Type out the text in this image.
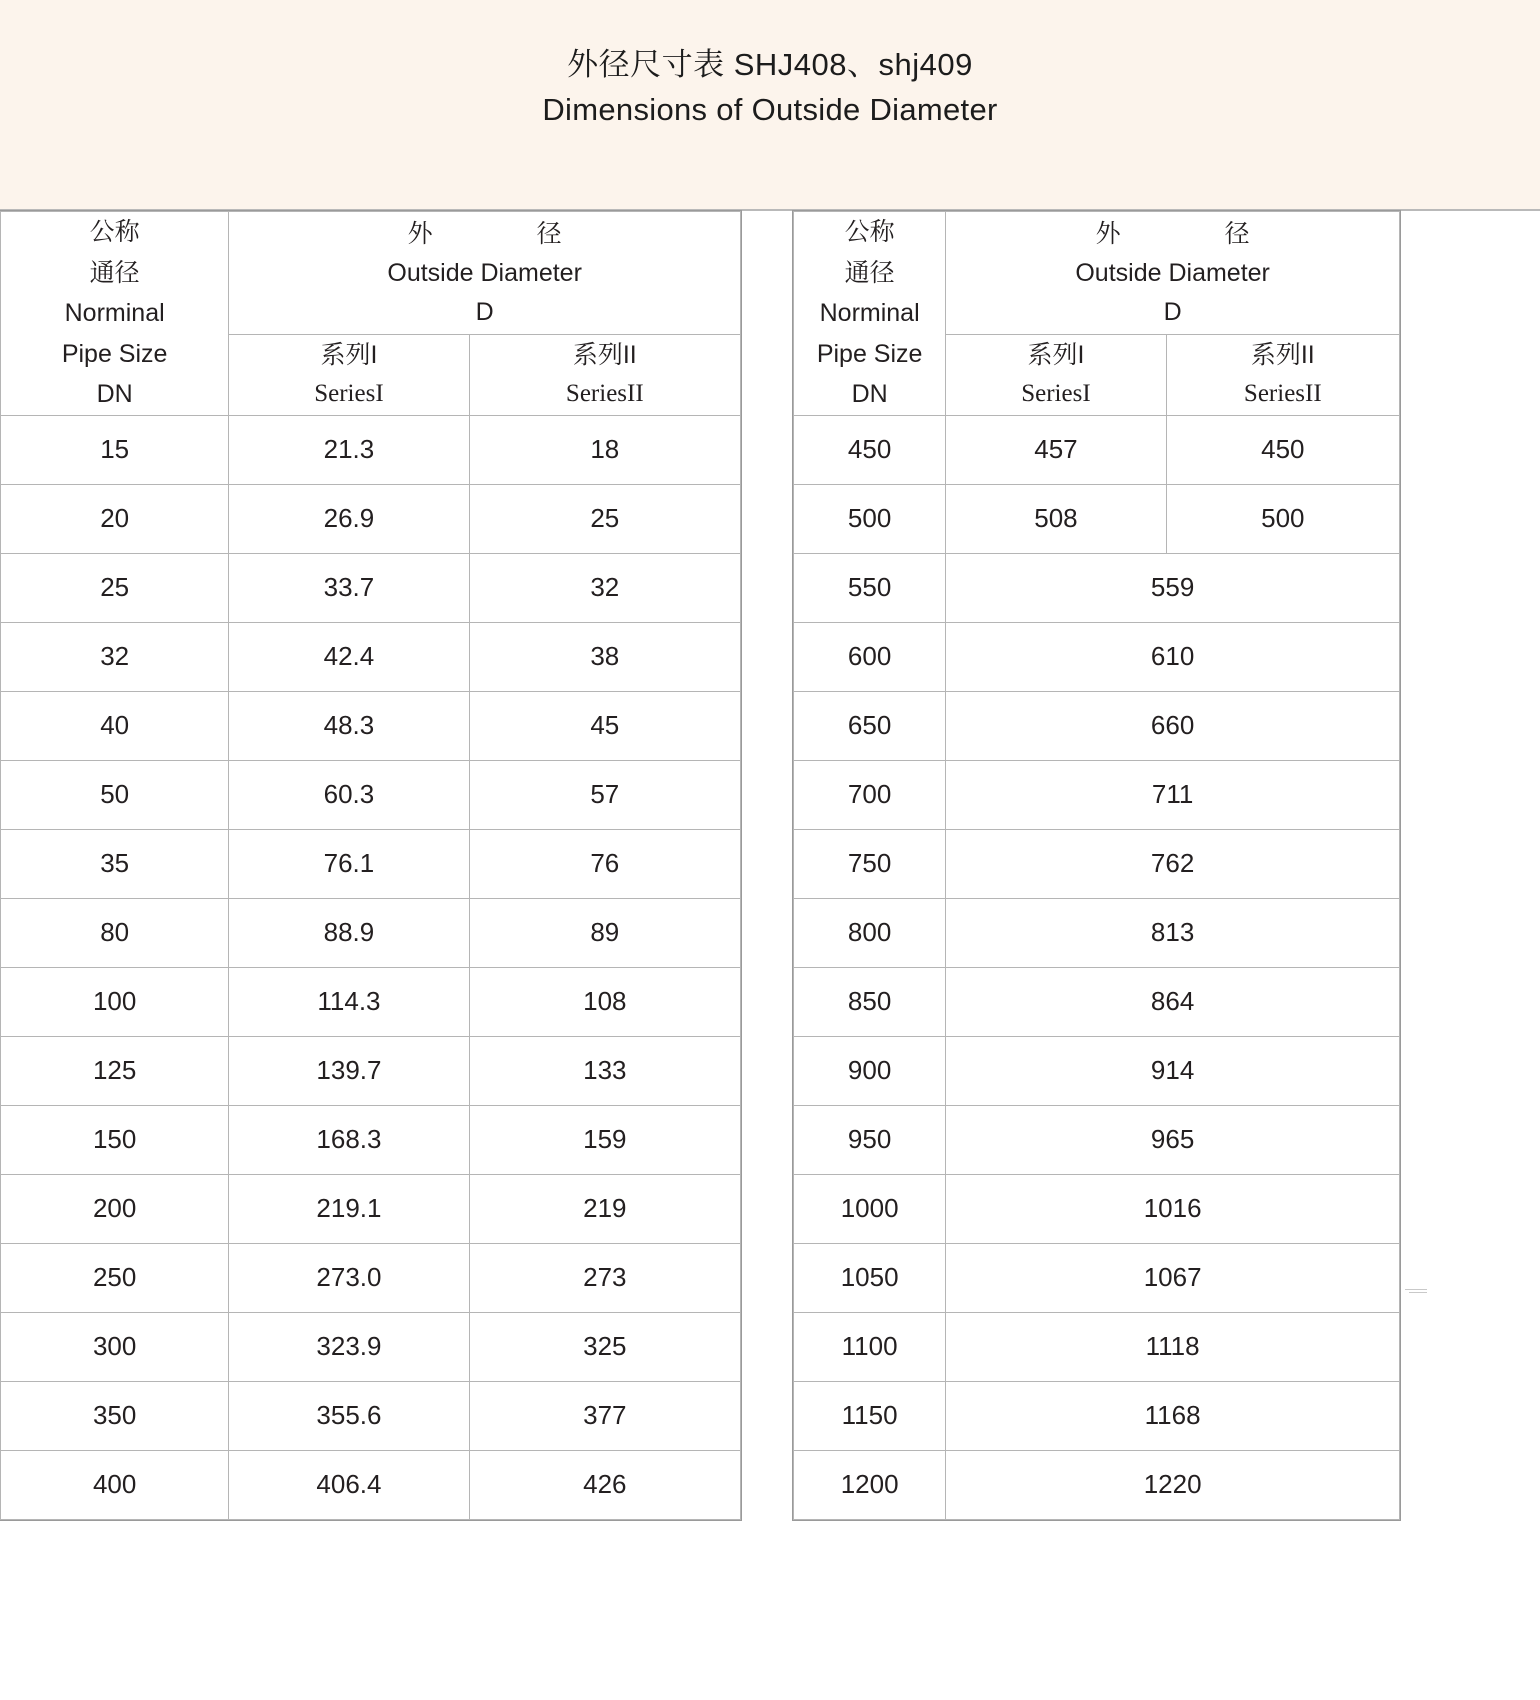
外径尺寸表 SHJ408、shj409
Dimensions of Outside Diameter
公称
通径
Norminal
Pipe Size
DN

外　　径
Outside Diameter
D

系列I
SeriesI

系列II
SeriesII

15	21.3	18
20	26.9	25
25	33.7	32
32	42.4	38
40	48.3	45
50	60.3	57
35	76.1	76
80	88.9	89
100	114.3	108
125	139.7	133
150	168.3	159
200	219.1	219
250	273.0	273
300	323.9	325
350	355.6	377
400	406.4	426
公称
通径
Norminal
Pipe Size
DN

外　　径
Outside Diameter
D

系列I
SeriesI

系列II
SeriesII

450	457	450
500	508	500
550	559	
600	610	
650	660	
700	711	
750	762	
800	813	
850	864	
900	914	
950	965	
1000	1016	
1050	1067	
1100	1118	
1150	1168	
1200	1220	
